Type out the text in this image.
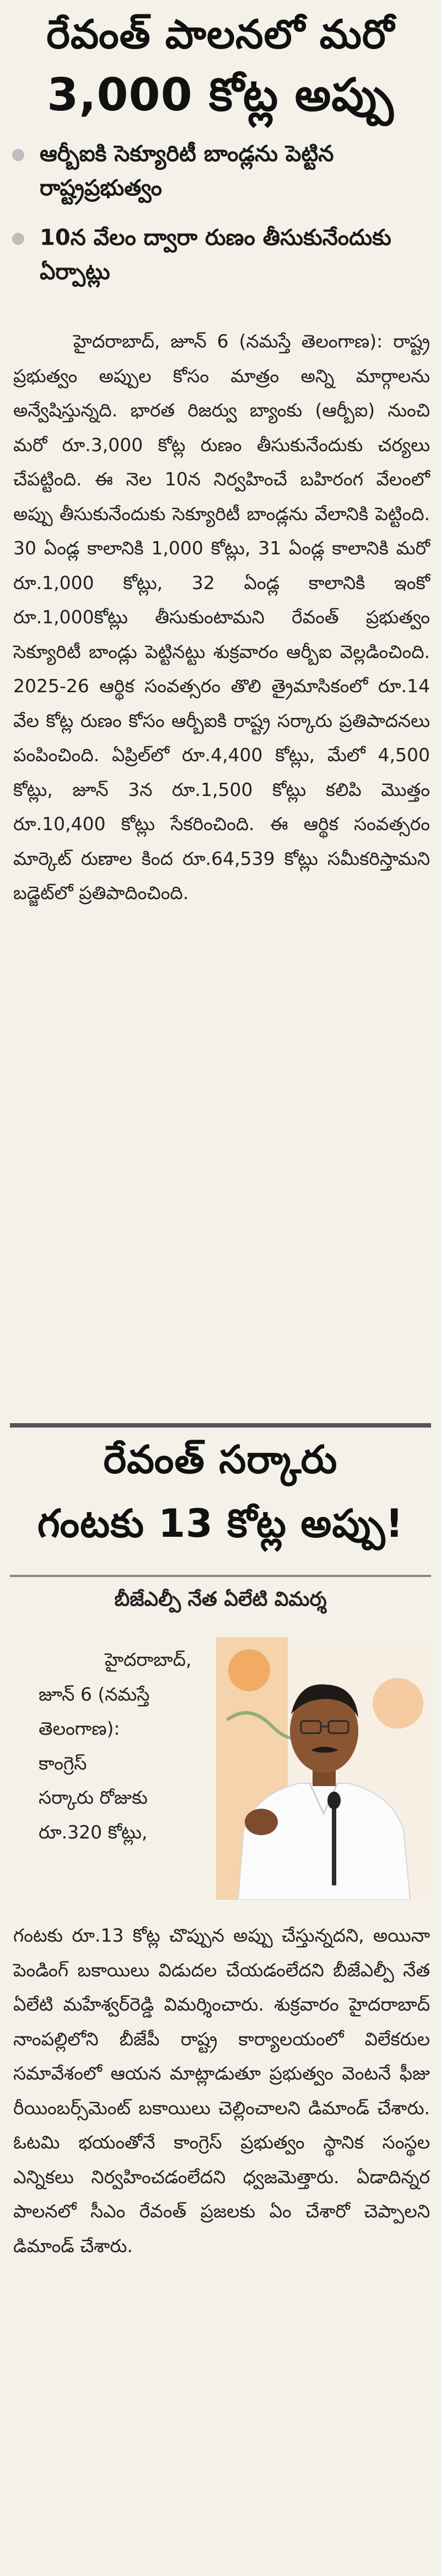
రేవంత్ పాలనలో మరో
3,000 కోట్ల అప్పు
ఆర్బీఐకి సెక్యూరిటీ బాండ్లను పెట్టిన రాష్ట్రప్రభుత్వం
10న వేలం ద్వారా రుణం తీసుకునేందుకు ఏర్పాట్లు
హైదరాబాద్, జూన్ 6 (నమస్తే తెలంగాణ): రాష్ట్ర ప్రభుత్వం అప్పుల కోసం మాత్రం అన్ని మార్గాలను అన్వేషిస్తున్నది. భారత రిజర్వు బ్యాంకు (ఆర్బీఐ) నుంచి మరో రూ.3,000 కోట్ల రుణం తీసుకునేందుకు చర్యలు చేపట్టింది. ఈ నెల 10న నిర్వహించే బహిరంగ వేలంలో అప్పు తీసుకునేందుకు సెక్యూరిటీ బాండ్లను వేలానికి పెట్టింది. 30 ఏండ్ల కాలానికి 1,000 కోట్లు, 31 ఏండ్ల కాలానికి మరో రూ.1,000 కోట్లు, 32 ఏండ్ల కాలానికి ఇంకో రూ.1,000కోట్లు తీసుకుంటామని రేవంత్ ప్రభుత్వం సెక్యూరిటీ బాండ్లు పెట్టినట్టు శుక్రవారం ఆర్బీఐ వెల్లడించింది. 2025-26 ఆర్థిక సంవత్సరం తొలి త్రైమాసికంలో రూ.14 వేల కోట్ల రుణం కోసం ఆర్బీఐకి రాష్ట్ర సర్కారు ప్రతిపాదనలు పంపించింది. ఏప్రిల్‌లో రూ.4,400 కోట్లు, మేలో 4,500 కోట్లు, జూన్ 3న రూ.1,500 కోట్లు కలిపి మొత్తం రూ.10,400 కోట్లు సేకరించింది. ఈ ఆర్థిక సంవత్సరం మార్కెట్ రుణాల కింద రూ.64,539 కోట్లు సమీకరిస్తామని బడ్జెట్‌లో ప్రతిపాదించింది.
రేవంత్ సర్కారు
గంటకు 13 కోట్ల అప్పు!
బీజేఎల్పీ నేత ఏలేటి విమర్శ
హైదరాబాద్,
జూన్ 6 (నమస్తే
తెలంగాణ):
కాంగ్రెస్
సర్కారు రోజుకు
రూ.320 కోట్లు,
గంటకు రూ.13 కోట్ల చొప్పున అప్పు చేస్తున్నదని, అయినా పెండింగ్ బకాయిలు విడుదల చేయడంలేదని బీజేఎల్పీ నేత ఏలేటి మహేశ్వర్‌రెడ్డి విమర్శించారు. శుక్రవారం హైదరాబాద్ నాంపల్లిలోని బీజేపీ రాష్ట్ర కార్యాలయంలో విలేకరుల సమావేశంలో ఆయన మాట్లాడుతూ ప్రభుత్వం వెంటనే ఫీజు రీయింబర్స్‌మెంట్ బకాయిలు చెల్లించాలని డిమాండ్ చేశారు. ఓటమి భయంతోనే కాంగ్రెస్ ప్రభుత్వం స్థానిక సంస్థల ఎన్నికలు నిర్వహించడంలేదని ధ్వజమెత్తారు. ఏడాదిన్నర పాలనలో సీఎం రేవంత్ ప్రజలకు ఏం చేశారో చెప్పాలని డిమాండ్ చేశారు.
